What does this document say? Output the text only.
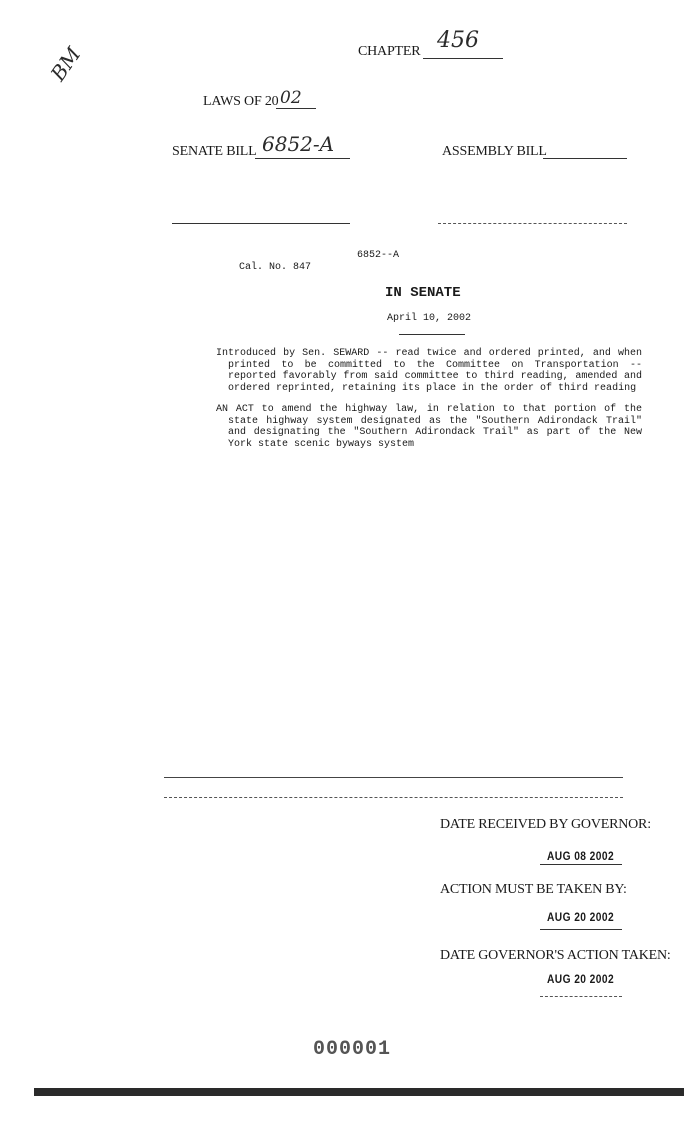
BM	CHAPTER 456
LAWS OF 20 02
SENATE BILL 6852-A	ASSEMBLY BILL
6852--A
Cal. No. 847
IN SENATE
April 10, 2002
Introduced by Sen. SEWARD -- read twice and ordered printed, and when printed to be committed to the Committee on Transportation -- reported favorably from said committee to third reading, amended and ordered reprinted, retaining its place in the order of third reading
AN ACT to amend the highway law, in relation to that portion of the state highway system designated as the "Southern Adirondack Trail" and designating the "Southern Adirondack Trail" as part of the New York state scenic byways system
DATE RECEIVED BY GOVERNOR:
AUG 08 2002
ACTION MUST BE TAKEN BY:
AUG 20 2002
DATE GOVERNOR'S ACTION TAKEN:
AUG 20 2002
000001
